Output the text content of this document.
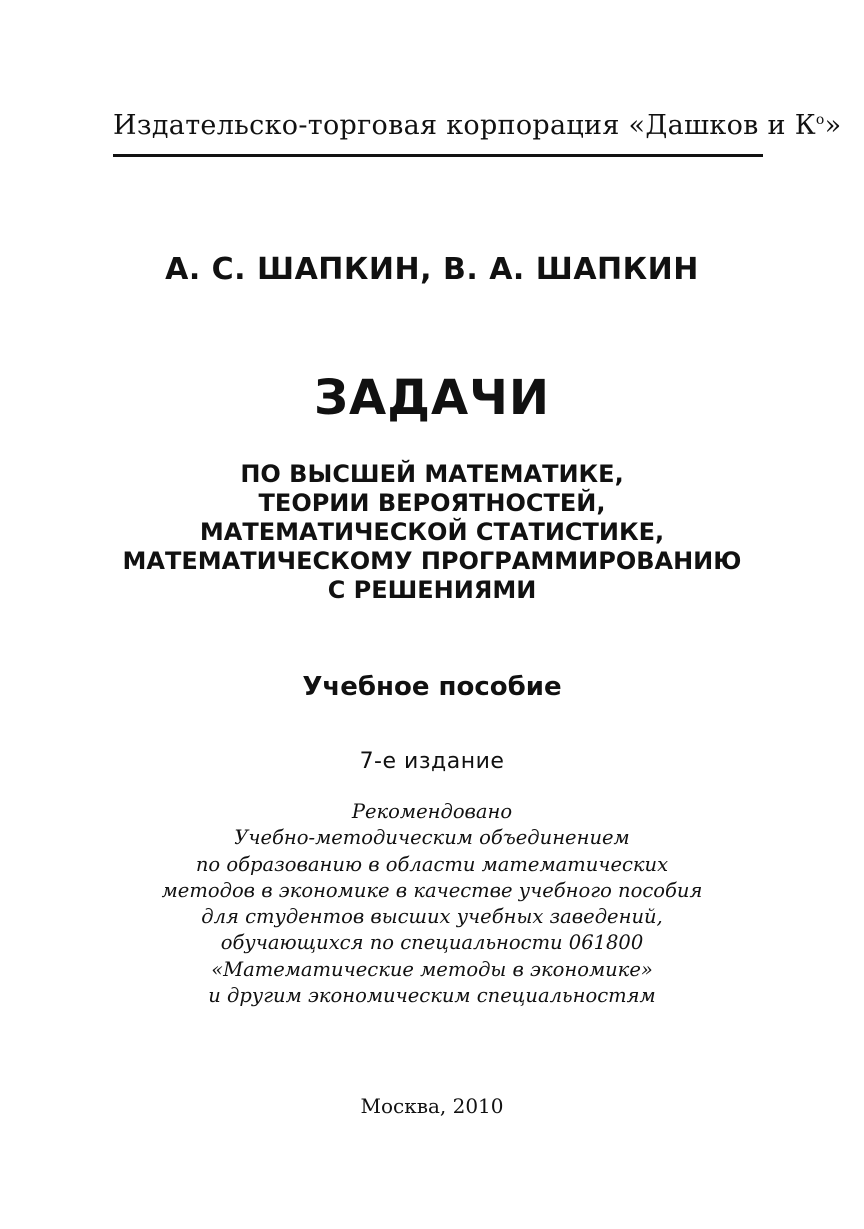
Издательско-торговая корпорация «Дашков и $К^о$»
А. С. ШАПКИН, В. А. ШАПКИН
ЗАДАЧИ
ПО ВЫСШЕЙ МАТЕМАТИКЕ,
ТЕОРИИ ВЕРОЯТНОСТЕЙ,
МАТЕМАТИЧЕСКОЙ СТАТИСТИКЕ,
МАТЕМАТИЧЕСКОМУ ПРОГРАММИРОВАНИЮ
С РЕШЕНИЯМИ
Учебное пособие
7-е издание
Рекомендовано
Учебно-методическим объединением
по образованию в области математических
методов в экономике в качестве учебного пособия
для студентов высших учебных заведений,
обучающихся по специальности 061800
«Математические методы в экономике»
и другим экономическим специальностям
Москва, 2010
